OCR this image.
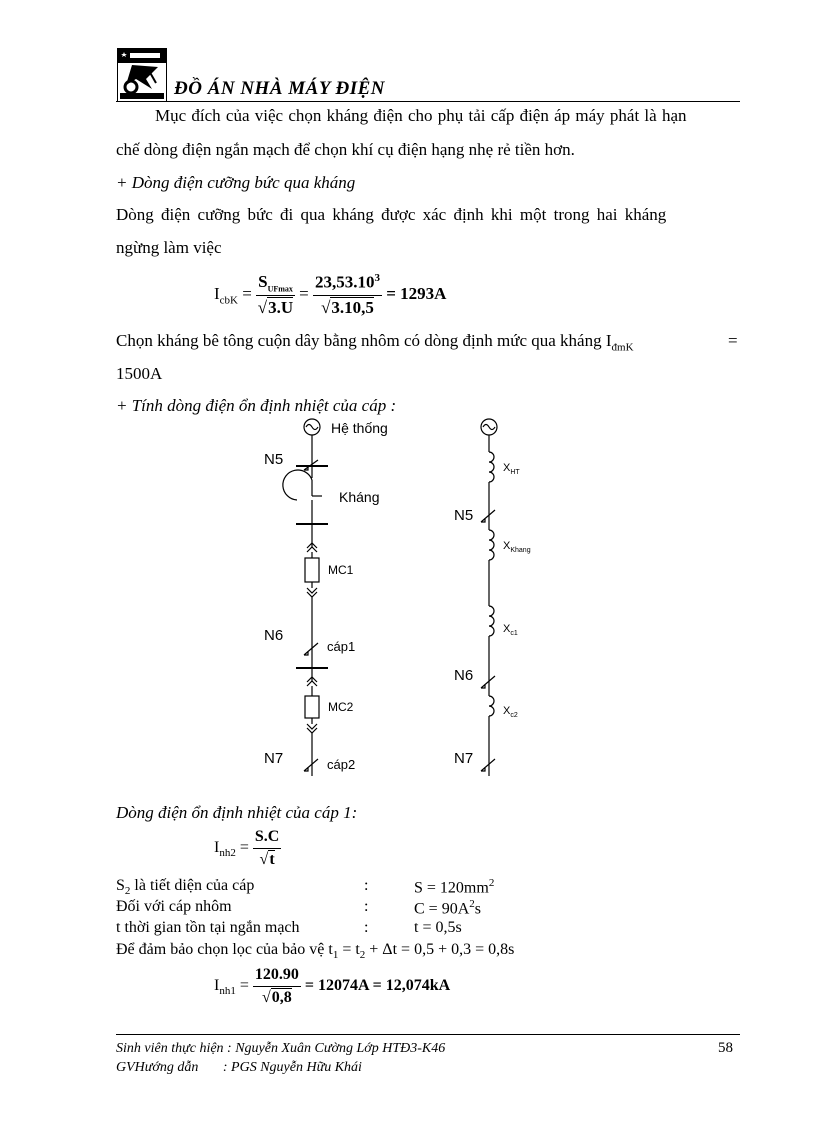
ĐỒ ÁN NHÀ MÁY ĐIỆN
Mục đích của việc chọn kháng điện cho phụ tải cấp điện áp máy phát là hạn
chế dòng điện ngắn mạch để chọn khí cụ điện hạng nhẹ rẻ tiền hơn.
+ Dòng điện cưỡng bức qua kháng
Dòng điện cưỡng bức đi qua kháng được xác định khi một trong hai kháng
ngừng làm việc
$I_{cbK} = \frac{S_{UFmax}}{√3.U} = \frac{23,53.10^3}{√3.10,5} = 1293A$
Chọn kháng bê tông cuộn dây bằng nhôm có dòng định mức qua kháng $I_{đmK}$	=
1500A
+ Tính dòng điện ổn định nhiệt của cáp :
Hệ thống
N5
Kháng
MC1
N6
cáp1
MC2
N7	cáp2
$X_{HT}$
N5
$X_{Khang}$
$X_{c1}$
N6
$X_{c2}$
N7
Dòng điện ổn định nhiệt của cáp 1:
$I_{nh2} = \frac{S.C}{√t}$
$S_2$ là tiết diện của cáp	:	$S = 120mm^2$
Đối với cáp nhôm	:	$C = 90A^2s$
t thời gian tồn tại ngắn mạch	:	t = 0,5s
Để đảm bảo chọn lọc của bảo vệ $t_1 = t_2 + \Delta t = 0,5 + 0,3 = 0,8s$
$I_{nh1} = \frac{120.90}{√0,8} = 12074A = 12,074kA$
Sinh viên thực hiện : Nguyễn Xuân Cường Lớp HTĐ3-K46
GVHướng dẫn       : PGS Nguyễn Hữu Khái
58
